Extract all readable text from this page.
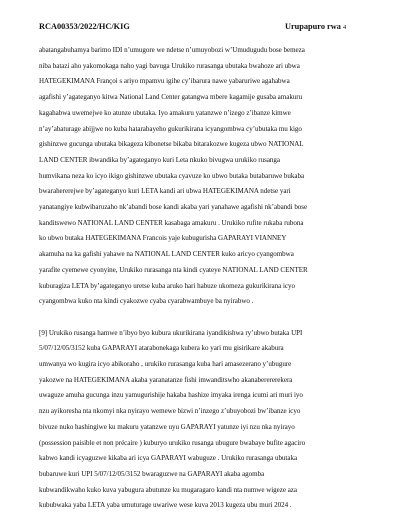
RCA00353/2022/HC/KIG	Urupapuro rwa 4

abatangabuhamya barimo IDI n’umugore we ndetse n’umuyobozi w’Umudugudu bose bemeza
niba batazi aho yakomokaga naho yagi bavuga Urukiko rurasanga ubutaka bwahoze ari ubwa
HATEGEKIMANA Françoi s ariyo mpamvu igihe cy’ibarura nawe yabaruriwe agahabwa
agafishi y’agateganyo kitwa National Land Center gatangwa mbere kagamije gusaba amakuru
kagahabwa uwemejwe ko atunze ubutaka. Iyo amakuru yatanzwe n’izego z’ibanze kimwe
n’ay’abaturage abijjwe no kuba hatarabayeho gukurikirana icyangombwa cy’ubutaka mu kigo
gishinzwe gucunga ubutaka bikageza kibonetse bikaba bitarakozwe kugeza ubwo NATIONAL
LAND CENTER ibwandika by’agateganyo kuri Leta nkuko bivugwa urukiko rusanga
humvikana neza ko icyo ikigo gishinzwe ubutaka cyavuze ko ubwo butaka butabaruwe bukaba
bwarahererejwe by’agateganyo kuri LETA kandi ari ubwa HATEGEKIMANA ndetse yari
yanatangiye kubwibaruzaho nk’abandi bose kandi akaba yari yanahawe agafishi nk’abandi bose
kanditswewo NATIONAL LAND CENTER kasabaga amakuru . Urukiko rufite rukaba rubona
ko ubwo butaka HATEGEKIMANA Francois yaje kubugurisha GAPARAYI VIANNEY
akamuha na ka gafishi yahawe na NATIONAL LAND CENTER kuko aricyo cyangombwa
yarafite cyemewe cyonyine, Urukiko rurasanga nta kindi cyateye NATIONAL LAND CENTER
kuburagiza LETA by’agateganyo uretse kuba aruko hari habuze ukomeza gukurikirana icyo
cyangombwa kuko nta kindi cyakozwe cyaba cyarabwambuye ba nyirabwo .

[9] Urukiko rusanga hamwe n’ibyo byo kubura ukurikirana iyandikishwa ry’ubwo butaka UPI
5/07/12/05/3152 kuba GAPARAYI atarabonekaga kubera ko yari mu gisirikare akabura
umwanya wo kugira icyo abikoraho , urukiko rurasanga kuba hari amasezerano y’ubugure
yakozwe na HATEGEKIMANA akaba yaranatanze fishi imwanditswho akanaberererekera
uwaguze amuha gucunga inzu yamugurishije hakaba hashize imyaka irenga icumi ari muri iyo
nzu ayikoresha nta nkomyi nka nyirayo wemewe bizwi n’inzego z’ubuyobozi bw’ibanze icyo
bivuze nuko hashingiwe ku makuru yatanzwe uyu GAPARAYI yatunze iyi nzu nka nyirayo
(possession paisible et non précaire ) kuburyo urukiko rusanga ubugure bwabaye bufite agaciro
kabwo kandi icyaguzwe kikaba ari icya GAPARAYI wabuguze . Urukiko rurasanga ubutaka
bubaruwe kuri UPI 5/07/12/05/3152 bwaraguzwe na GAPARAYI akaba agomba
kubwandikwaho kuko kuva yabugura abutunze ku mugaragaro kandi nta numwe wigeze aza
kububwaka yaba LETA yaba umuturage uwariwe wese kuva 2013 kugeza ubu muri 2024 .
